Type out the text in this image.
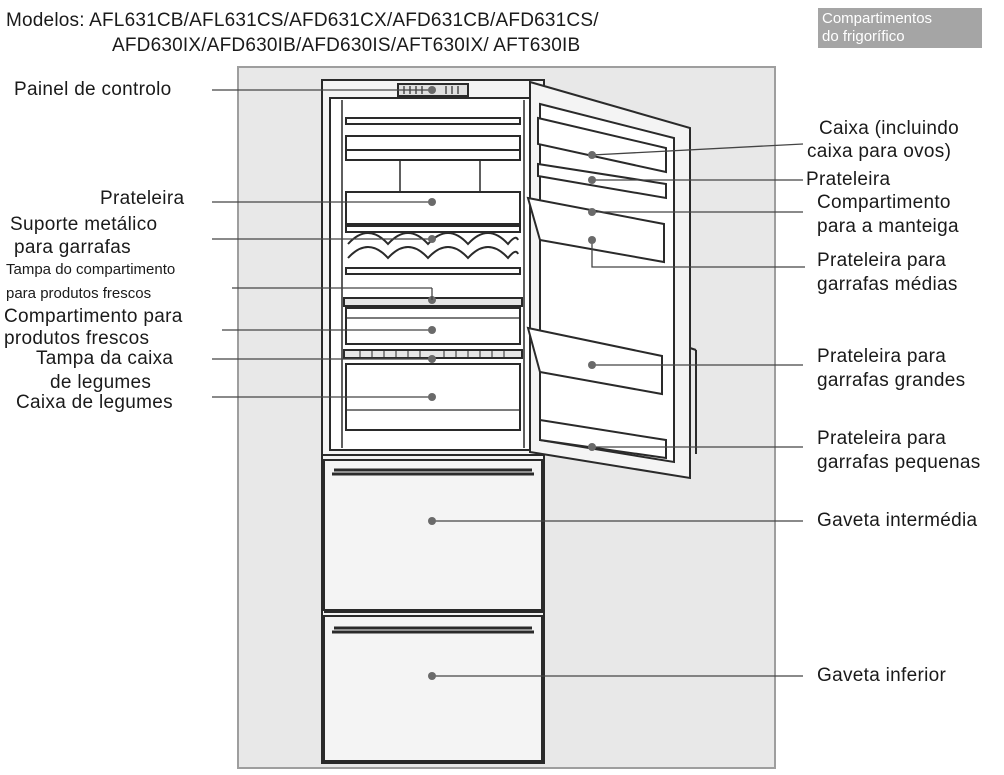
Modelos: AFL631CB/AFL631CS/AFD631CX/AFD631CB/AFD631CS/
AFD630IX/AFD630IB/AFD630IS/AFT630IX/ AFT630IB
Compartimentos
do frigorífico
Painel de controlo
Prateleira
Suporte metálico
para garrafas
Tampa do compartimento
para produtos frescos
Compartimento para
produtos frescos
Tampa da caixa
de legumes
Caixa de legumes
Caixa (incluindo
caixa para ovos)
Prateleira
Compartimento
para a manteiga
Prateleira para
garrafas médias
Prateleira para
garrafas grandes
Prateleira para
garrafas pequenas
Gaveta intermédia
Gaveta inferior
